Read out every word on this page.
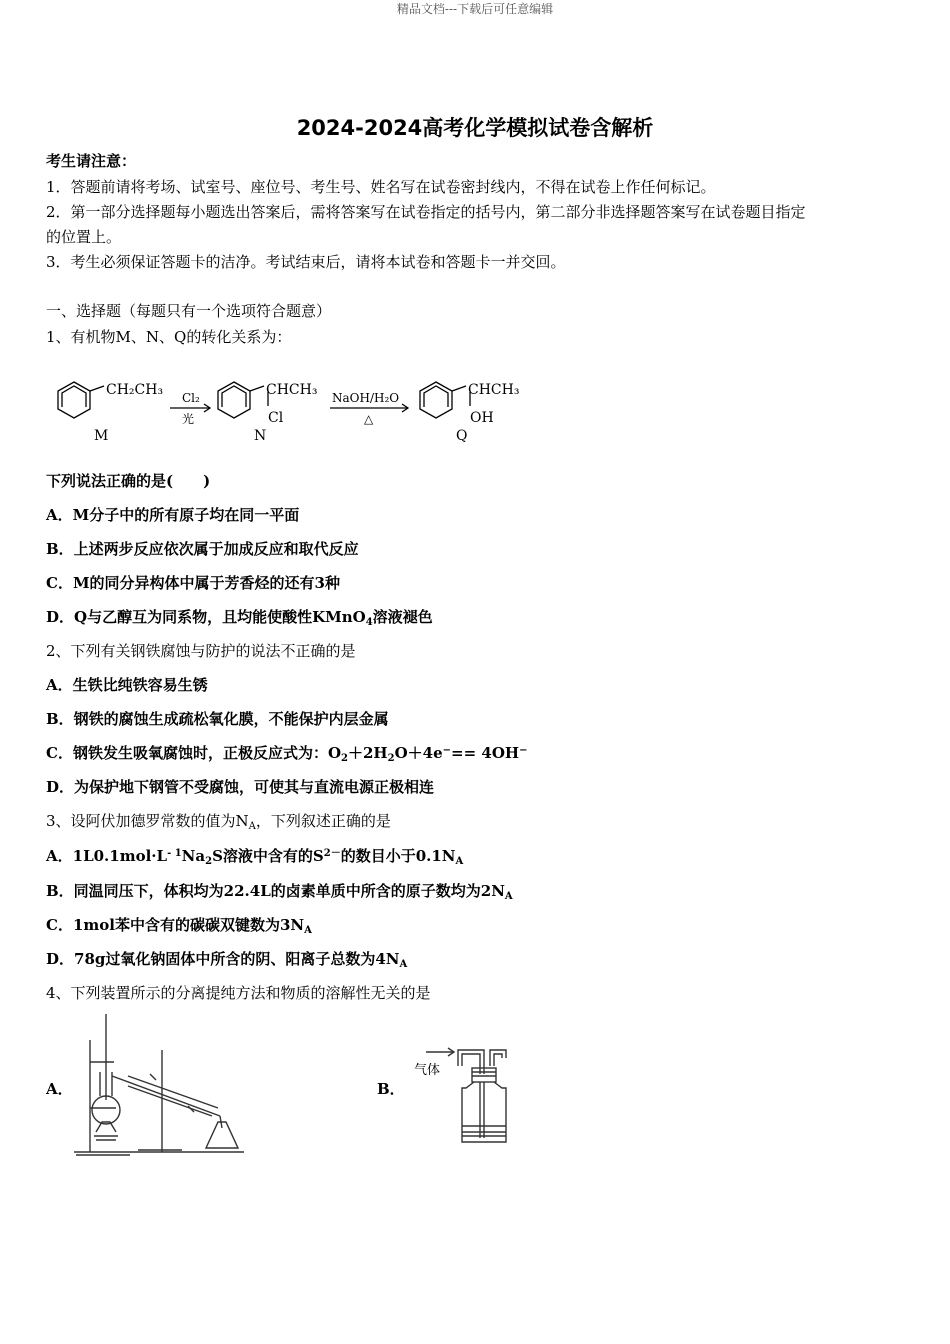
精品文档---下载后可任意编辑
2024-2024高考化学模拟试卷含解析
考生请注意：
1．答题前请将考场、试室号、座位号、考生号、姓名写在试卷密封线内，不得在试卷上作任何标记。
2．第一部分选择题每小题选出答案后，需将答案写在试卷指定的括号内，第二部分非选择题答案写在试卷题目指定
的位置上。
3．考生必须保证答题卡的洁净。考试结束后，请将本试卷和答题卡一并交回。
一、选择题（每题只有一个选项符合题意）
1、有机物M、N、Q的转化关系为：
CH₂CH₃
M
Cl₂
光
CHCH₃
Cl
N
NaOH/H₂O
△
CHCH₃
OH
Q
下列说法正确的是(　　)
A．M分子中的所有原子均在同一平面
B．上述两步反应依次属于加成反应和取代反应
C．M的同分异构体中属于芳香烃的还有3种
D．Q与乙醇互为同系物，且均能使酸性KMnO$_4$溶液褪色
2、下列有关钢铁腐蚀与防护的说法不正确的是
A．生铁比纯铁容易生锈
B．钢铁的腐蚀生成疏松氧化膜，不能保护内层金属
C．钢铁发生吸氧腐蚀时，正极反应式为：$O_2+2H_2O+4e^-== 4OH^-$
D．为保护地下钢管不受腐蚀，可使其与直流电源正极相连
3、设阿伏加德罗常数的值为$N_A$，下列叙述正确的是
A．$1L0.1mol\cdot L^{- 1}Na_2S$溶液中含有的$S^{2-}$的数目小于$0.1N_A$
B．同温同压下，体积均为22.4L的卤素单质中所含的原子数均为$2N_A$
C．1mol苯中含有的碳碳双键数为$3N_A$
D．78g过氧化钠固体中所含的阴、阳离子总数为$4N_A$
4、下列装置所示的分离提纯方法和物质的溶解性无关的是
A．	B．
气体
